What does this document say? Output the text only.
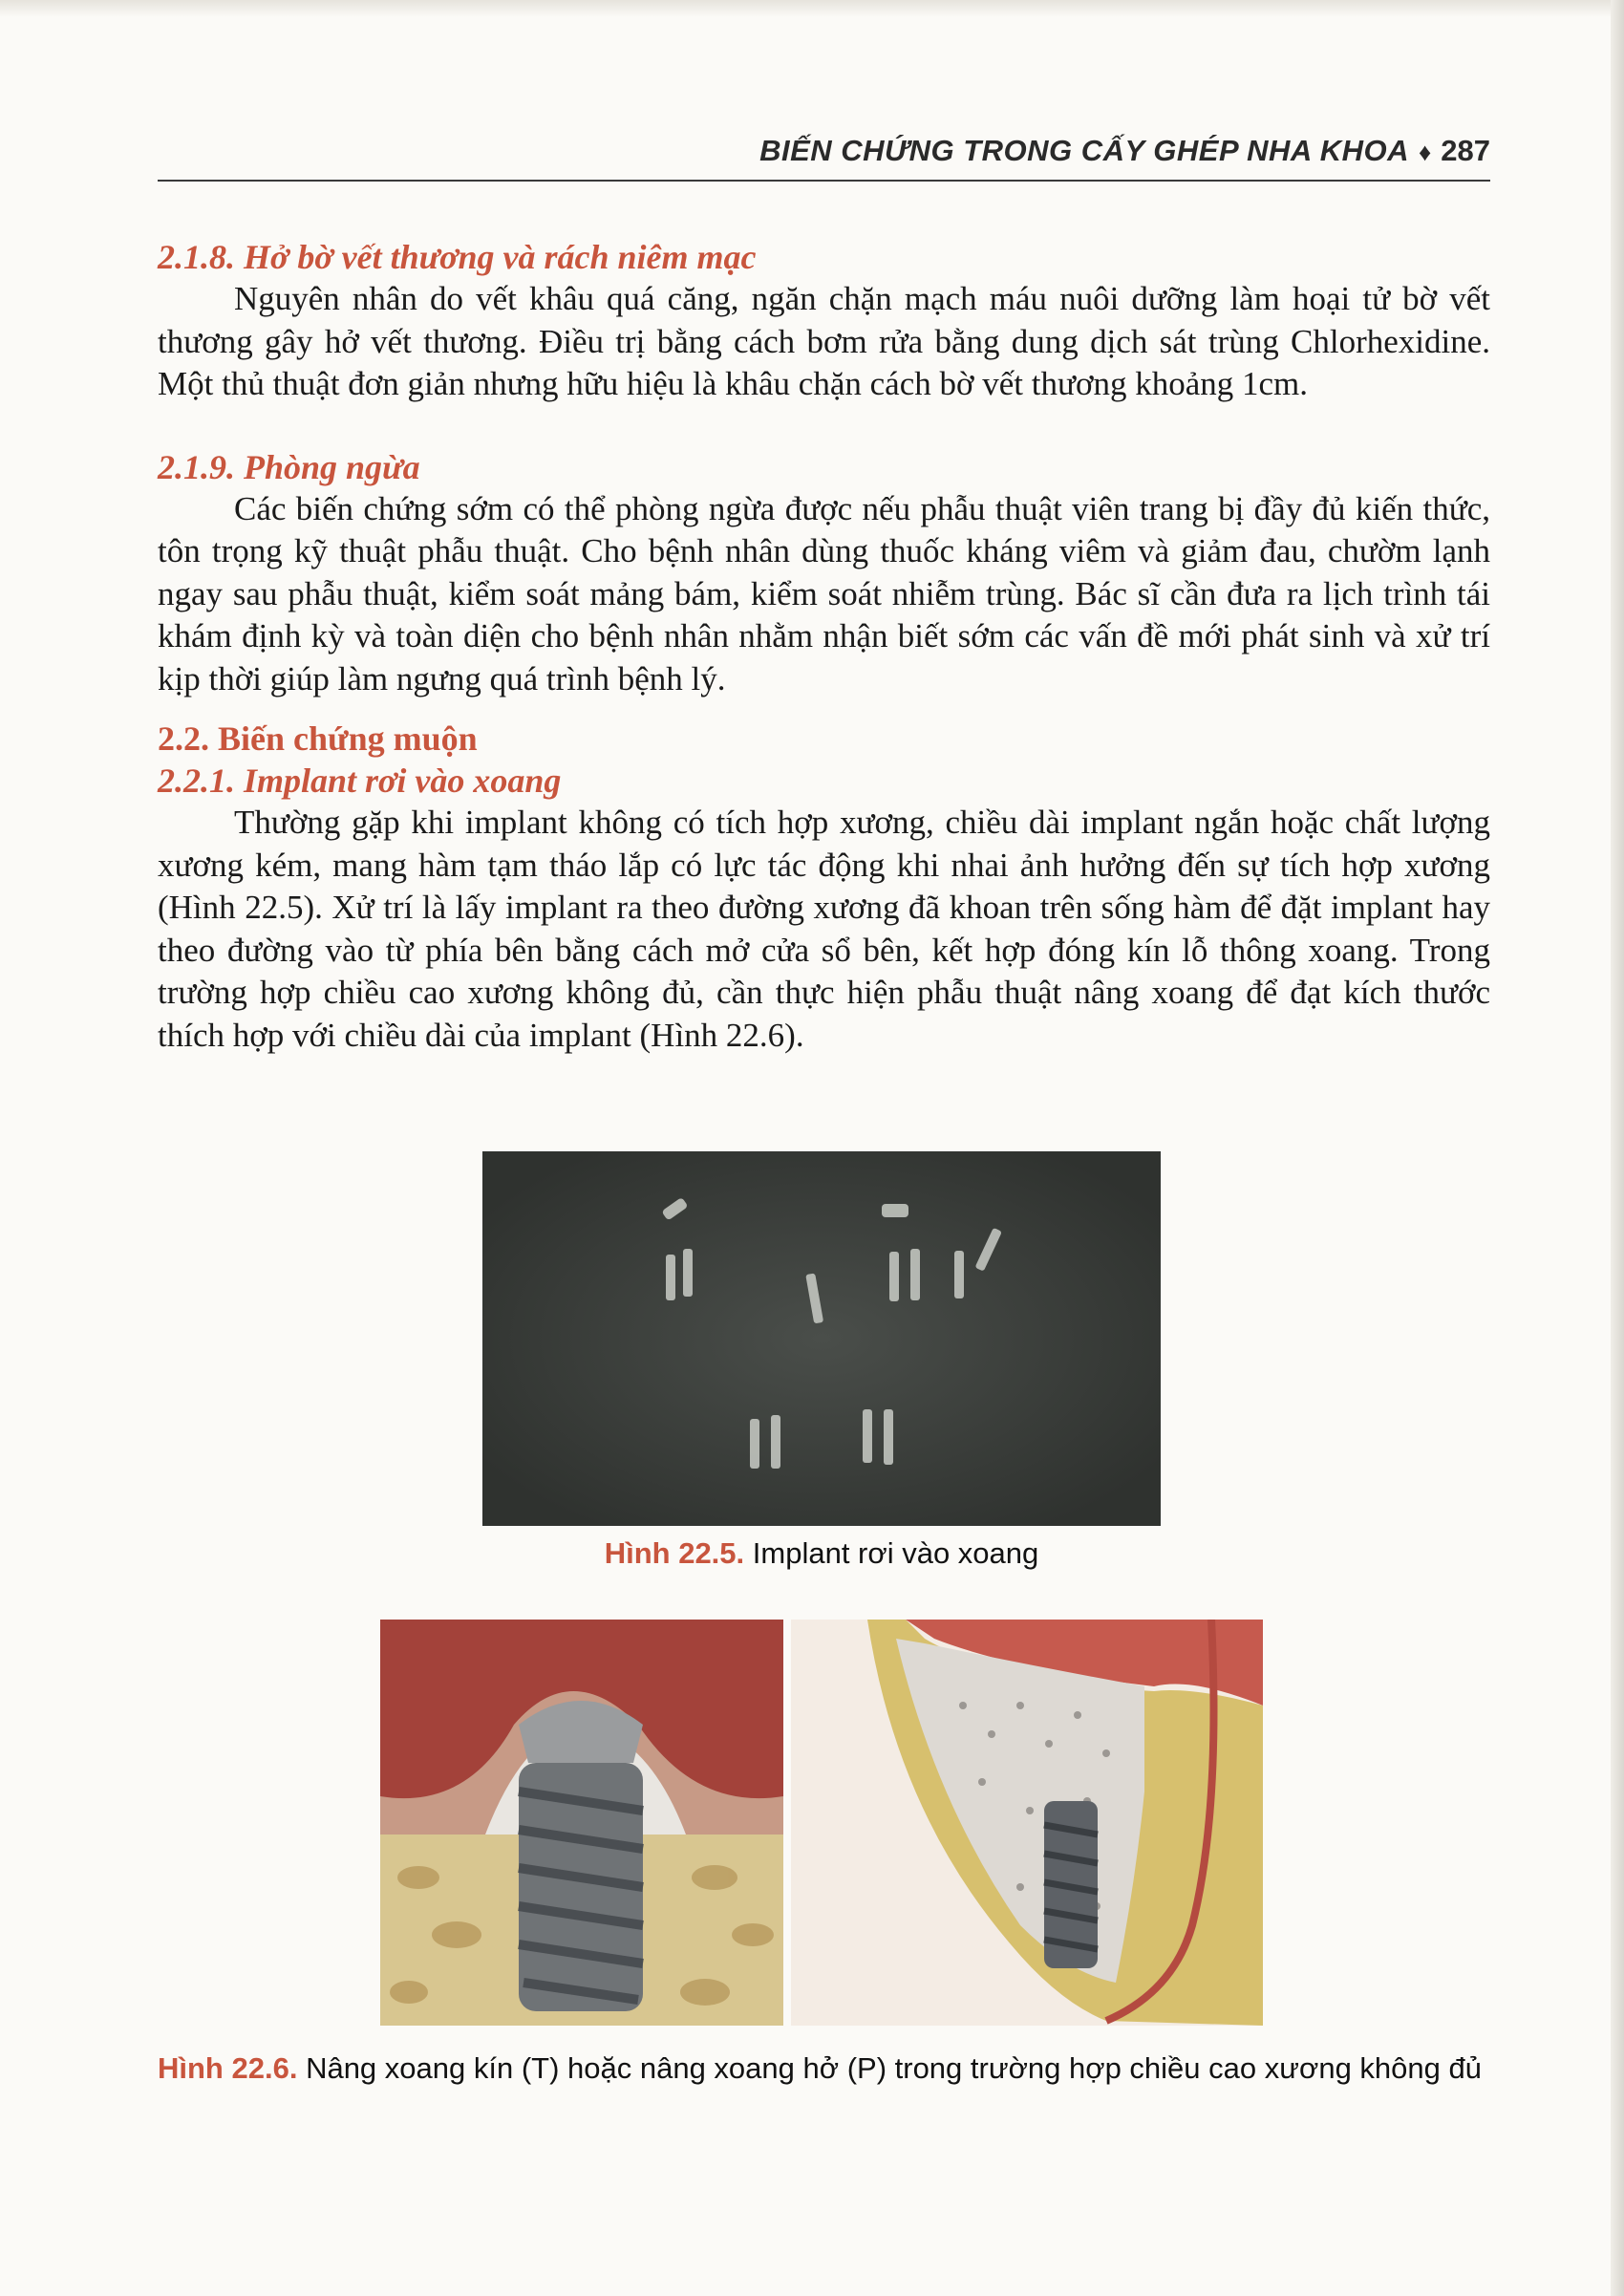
BIẾN CHỨNG TRONG CẤY GHÉP NHA KHOA ♦ 287
2.1.8. Hở bờ vết thương và rách niêm mạc

Nguyên nhân do vết khâu quá căng, ngăn chặn mạch máu nuôi dưỡng làm hoại tử bờ vết thương gây hở vết thương. Điều trị bằng cách bơm rửa bằng dung dịch sát trùng Chlorhexidine. Một thủ thuật đơn giản nhưng hữu hiệu là khâu chặn cách bờ vết thương khoảng 1cm.

2.1.9. Phòng ngừa

Các biến chứng sớm có thể phòng ngừa được nếu phẫu thuật viên trang bị đầy đủ kiến thức, tôn trọng kỹ thuật phẫu thuật. Cho bệnh nhân dùng thuốc kháng viêm và giảm đau, chườm lạnh ngay sau phẫu thuật, kiểm soát mảng bám, kiểm soát nhiễm trùng. Bác sĩ cần đưa ra lịch trình tái khám định kỳ và toàn diện cho bệnh nhân nhằm nhận biết sớm các vấn đề mới phát sinh và xử trí kịp thời giúp làm ngưng quá trình bệnh lý.

2.2. Biến chứng muộn
2.2.1. Implant rơi vào xoang

Thường gặp khi implant không có tích hợp xương, chiều dài implant ngắn hoặc chất lượng xương kém, mang hàm tạm tháo lắp có lực tác động khi nhai ảnh hưởng đến sự tích hợp xương (Hình 22.5). Xử trí là lấy implant ra theo đường xương đã khoan trên sống hàm để đặt implant hay theo đường vào từ phía bên bằng cách mở cửa sổ bên, kết hợp đóng kín lỗ thông xoang. Trong trường hợp chiều cao xương không đủ, cần thực hiện phẫu thuật nâng xoang để đạt kích thước thích hợp với chiều dài của implant (Hình 22.6).

Hình 22.5. Implant rơi vào xoang
Hình 22.6. Nâng xoang kín (T) hoặc nâng xoang hở (P) trong trường hợp chiều cao xương không đủ
